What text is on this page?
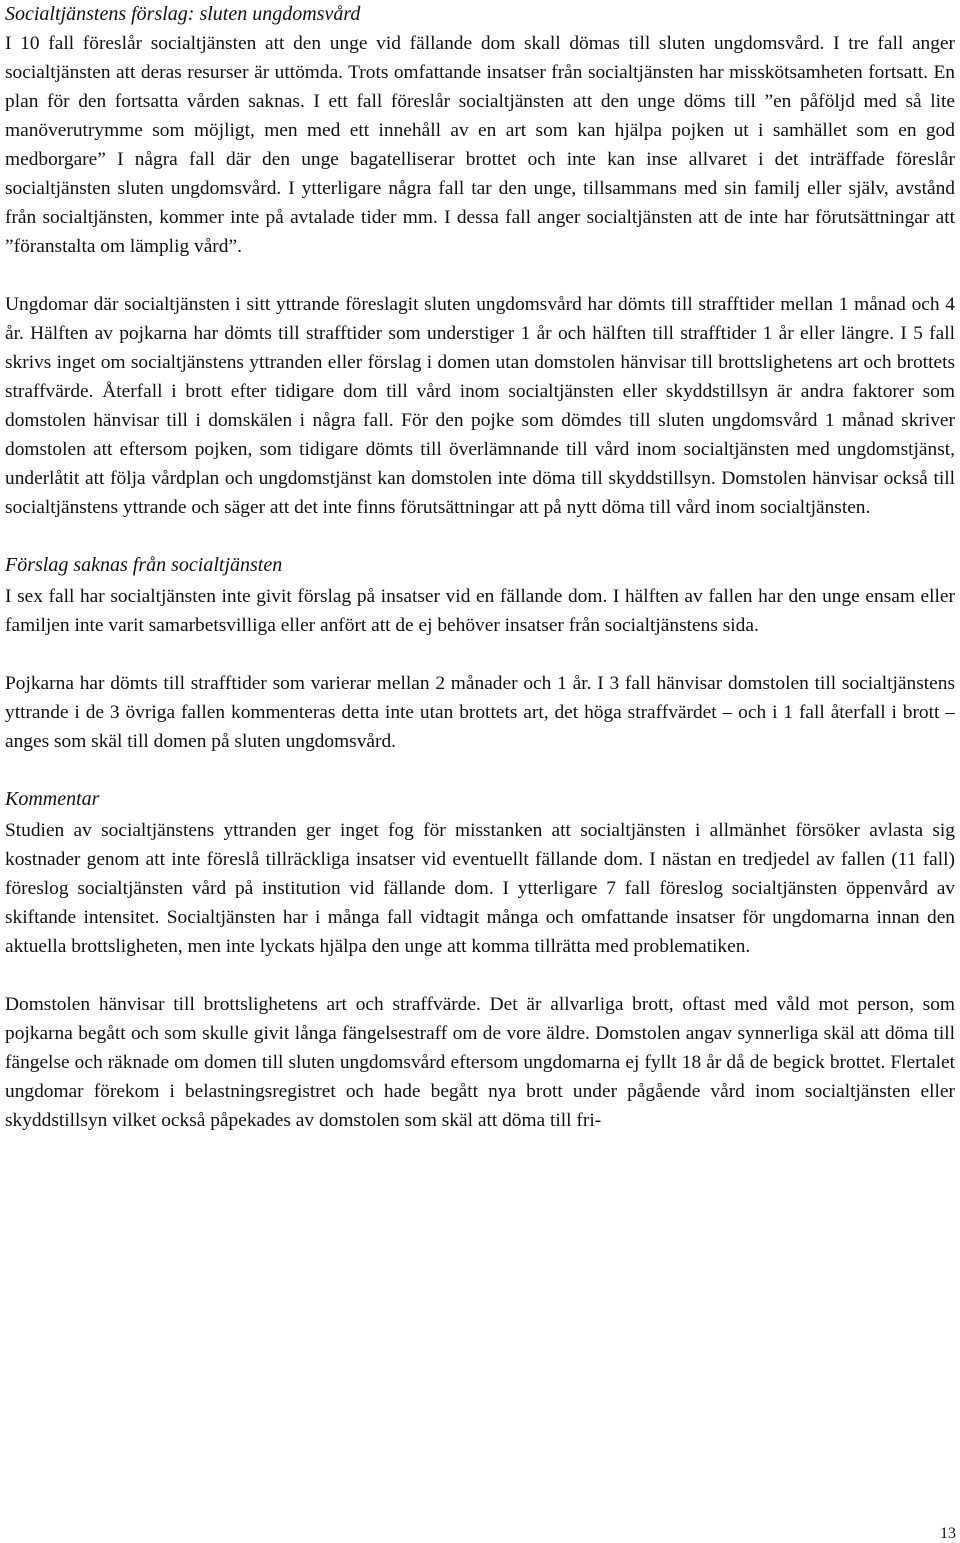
Socialtjänstens förslag: sluten ungdomsvård

I 10 fall föreslår socialtjänsten att den unge vid fällande dom skall dömas till sluten ungdomsvård. I tre fall anger socialtjänsten att deras resurser är uttömda. Trots omfattande insatser från socialtjänsten har misskötsamheten fortsatt. En plan för den fortsatta vården saknas. I ett fall föreslår socialtjänsten att den unge döms till ”en påföljd med så lite manöverutrymme som möjligt, men med ett innehåll av en art som kan hjälpa pojken ut i samhället som en god medborgare” I några fall där den unge bagatelliserar brottet och inte kan inse allvaret i det inträffade föreslår socialtjänsten sluten ungdomsvård. I ytterligare några fall tar den unge, tillsammans med sin familj eller själv, avstånd från socialtjänsten, kommer inte på avtalade tider mm. I dessa fall anger socialtjänsten att de inte har förutsättningar att ”föranstalta om lämplig vård”.

Ungdomar där socialtjänsten i sitt yttrande föreslagit sluten ungdomsvård har dömts till strafftider mellan 1 månad och 4 år. Hälften av pojkarna har dömts till strafftider som understiger 1 år och hälften till strafftider 1 år eller längre. I 5 fall skrivs inget om socialtjänstens yttranden eller förslag i domen utan domstolen hänvisar till brottslighetens art och brottets straffvärde. Återfall i brott efter tidigare dom till vård inom socialtjänsten eller skyddstillsyn är andra faktorer som domstolen hänvisar till i domskälen i några fall. För den pojke som dömdes till sluten ungdomsvård 1 månad skriver domstolen att eftersom pojken, som tidigare dömts till överlämnande till vård inom socialtjänsten med ungdomstjänst, underlåtit att följa vårdplan och ungdomstjänst kan domstolen inte döma till skyddstillsyn. Domstolen hänvisar också till socialtjänstens yttrande och säger att det inte finns förutsättningar att på nytt döma till vård inom socialtjänsten.

Förslag saknas från socialtjänsten

I sex fall har socialtjänsten inte givit förslag på insatser vid en fällande dom. I hälften av fallen har den unge ensam eller familjen inte varit samarbetsvilliga eller anfört att de ej behöver insatser från socialtjänstens sida.

Pojkarna har dömts till strafftider som varierar mellan 2 månader och 1 år. I 3 fall hänvisar domstolen till socialtjänstens yttrande i de 3 övriga fallen kommenteras detta inte utan brottets art, det höga straffvärdet – och i 1 fall återfall i brott – anges som skäl till domen på sluten ungdomsvård.

Kommentar

Studien av socialtjänstens yttranden ger inget fog för misstanken att socialtjänsten i allmänhet försöker avlasta sig kostnader genom att inte föreslå tillräckliga insatser vid eventuellt fällande dom. I nästan en tredjedel av fallen (11 fall) föreslog socialtjänsten vård på institution vid fällande dom. I ytterligare 7 fall föreslog socialtjänsten öppenvård av skiftande intensitet. Socialtjänsten har i många fall vidtagit många och omfattande insatser för ungdomarna innan den aktuella brottsligheten, men inte lyckats hjälpa den unge att komma tillrätta med problematiken.

Domstolen hänvisar till brottslighetens art och straffvärde. Det är allvarliga brott, oftast med våld mot person, som pojkarna begått och som skulle givit långa fängelsestraff om de vore äldre. Domstolen angav synnerliga skäl att döma till fängelse och räknade om domen till sluten ungdomsvård eftersom ungdomarna ej fyllt 18 år då de begick brottet. Flertalet ungdomar förekom i belastningsregistret och hade begått nya brott under pågående vård inom socialtjänsten eller skyddstillsyn vilket också påpekades av domstolen som skäl att döma till fri-

13
